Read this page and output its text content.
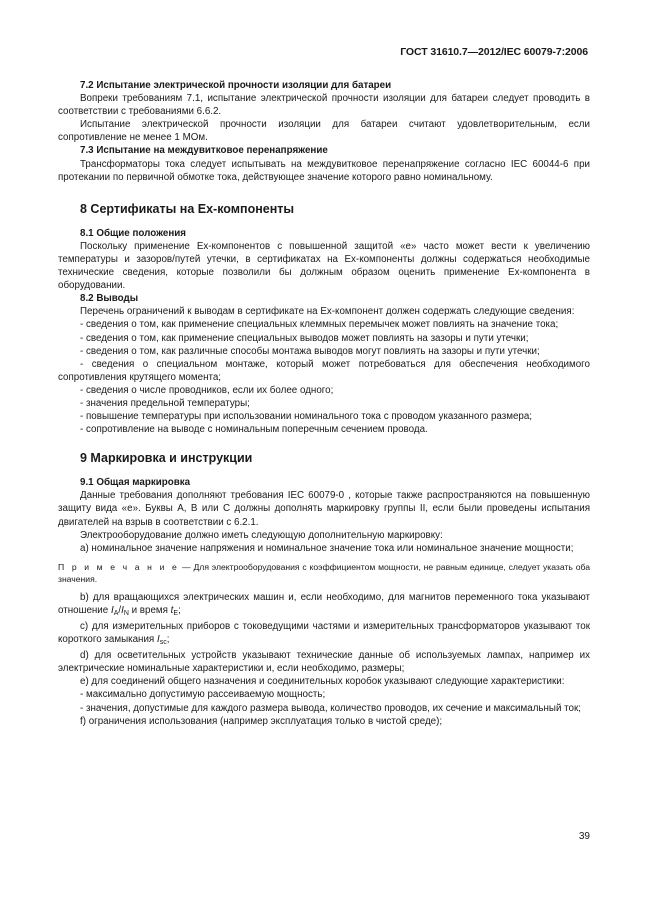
ГОСТ 31610.7—2012/IEC 60079-7:2006

7.2 Испытание электрической прочности изоляции для батареи

Вопреки требованиям 7.1, испытание электрической прочности изоляции для батареи следует проводить в соответствии с требованиями 6.6.2.

Испытание электрической прочности изоляции для батареи считают удовлетворительным, если сопротивление не менее 1 МОм.

7.3 Испытание на междувитковое перенапряжение

Трансформаторы тока следует испытывать на междувитковое перенапряжение согласно IEC 60044-6 при протекании по первичной обмотке тока, действующее значение которого равно номинальному.

8 Сертификаты на Ex-компоненты

8.1 Общие положения

Поскольку применение Ex-компонентов с повышенной защитой «е» часто может вести к увеличению температуры и зазоров/путей утечки, в сертификатах на Ex-компоненты должны содержаться необходимые технические сведения, которые позволили бы должным образом оценить применение Ex-компонента в оборудовании.

8.2 Выводы

Перечень ограничений к выводам в сертификате на Ex-компонент должен содержать следующие сведения:

- сведения о том, как применение специальных клеммных перемычек может повлиять на значение тока;

- сведения о том, как применение специальных выводов может повлиять на зазоры и пути утечки;

- сведения о том, как различные способы монтажа выводов могут повлиять на зазоры и пути утечки;

- сведения о специальном монтаже, который может потребоваться для обеспечения необходимого сопротивления крутящего момента;

- сведения о числе проводников, если их более одного;

- значения предельной температуры;

- повышение температуры при использовании номинального тока с проводом указанного размера;

- сопротивление на выводе с номинальным поперечным сечением провода.

9 Маркировка и инструкции

9.1 Общая маркировка

Данные требования дополняют требования IEC 60079-0 , которые также распространяются на повышенную защиту вида «е». Буквы А, В или С должны дополнять маркировку группы II, если были проведены испытания двигателей на взрыв в соответствии с 6.2.1.

Электрооборудование должно иметь следующую дополнительную маркировку:

а) номинальное значение напряжения и номинальное значение тока или номинальное значение мощности;

П р и м е ч а н и е — Для электрооборудования с коэффициентом мощности, не равным единице, следует указать оба значения.

b) для вращающихся электрических машин и, если необходимо, для магнитов переменного тока указывают отношение $I_A/I_N$ и время $t_E$;

с) для измерительных приборов с токоведущими частями и измерительных трансформаторов указывают ток короткого замыкания $I_{sc}$;

d) для осветительных устройств указывают технические данные об используемых лампах, например их электрические номинальные характеристики и, если необходимо, размеры;

е) для соединений общего назначения и соединительных коробок указывают следующие характеристики:

- максимально допустимую рассеиваемую мощность;

- значения, допустимые для каждого размера вывода, количество проводов, их сечение и максимальный ток;

f) ограничения использования (например эксплуатация только в чистой среде);

39
